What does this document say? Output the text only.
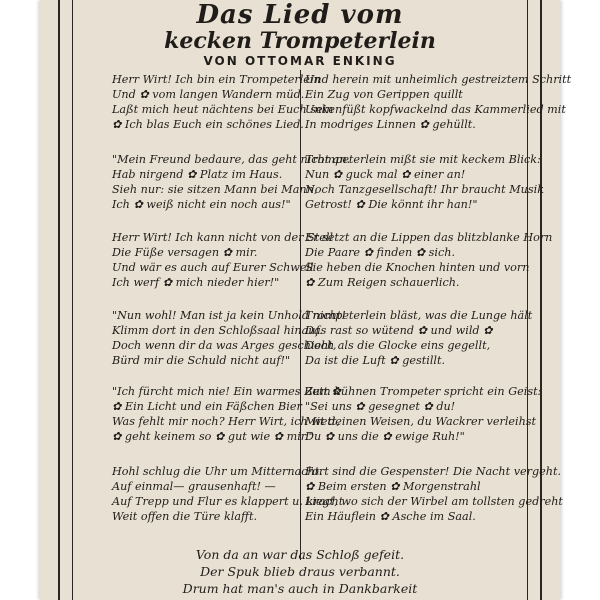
Das Lied vom
kecken Trompeterlein
VON OTTOMAR ENKING
Herr Wirt! Ich bin ein Trompeterlein
Und ✿ vom langen Wandern müd.
Laßt mich heut nächtens bei Euch sein
✿ Ich blas Euch ein schönes Lied.
Und herein mit unheimlich gestreiztem Schritt
Ein Zug von Gerippen quillt
Unkenfüßt kopfwackelnd das Kammerlied mit
In modriges Linnen ✿ gehüllt.
"Mein Freund bedaure, das geht nicht an.
Hab nirgend ✿ Platz im Haus.
Sieh nur: sie sitzen Mann bei Mann,
Ich ✿ weiß nicht ein noch aus!"
Trompeterlein mißt sie mit keckem Blick:
Nun ✿ guck mal ✿ einer an!
Noch Tanzgesellschaft! Ihr braucht Musik
Getrost! ✿ Die könnt ihr han!"
Herr Wirt! Ich kann nicht von der Stell
Die Füße versagen ✿ mir.
Und wär es auch auf Eurer Schwell
Ich werf ✿ mich nieder hier!"
Er setzt an die Lippen das blitzblanke Horn
Die Paare ✿ finden ✿ sich.
Sie heben die Knochen hinten und vorn
✿ Zum Reigen schauerlich.
"Nun wohl! Man ist ja kein Unhold nicht!
Klimm dort in den Schloßsaal hinauf.
Doch wenn dir da was Arges geschieht,
Bürd mir die Schuld nicht auf!"
Trompeterlein bläst, was die Lunge hält
Das rast so wütend ✿ und wild ✿
Doch als die Glocke eins gegellt,
Da ist die Luft ✿ gestillt.
"Ich fürcht mich nie! Ein warmes Bett ✿
✿ Ein Licht und ein Fäßchen Bier
Was fehlt mir noch? Herr Wirt, ich wett,
✿ geht keinem so ✿ gut wie ✿ mir."
Zum kühnen Trompeter spricht ein Geist:
"Sei uns ✿ gesegnet ✿ du!
Mit deinen Weisen, du Wackrer verleihst
Du ✿ uns die ✿ ewige Ruh!"
Hohl schlug die Uhr um Mitternacht.
Auf einmal— grausenhaft! —
Auf Trepp und Flur es klappert u. kracht
Weit offen die Türe klafft.
Fort sind die Gespenster! Die Nacht vergeht.
✿ Beim ersten ✿ Morgenstrahl
Liegt, wo sich der Wirbel am tollsten gedreht
Ein Häuflein ✿ Asche im Saal.
Von da an war das Schloß gefeit.
Der Spuk blieb draus verbannt.
Drum hat man's auch in Dankbarkeit
